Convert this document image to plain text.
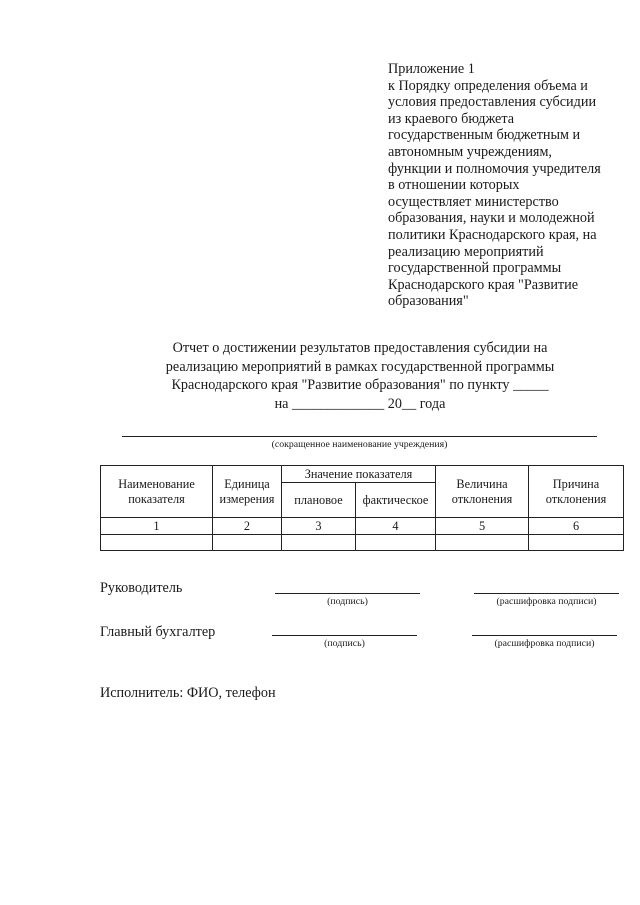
Приложение 1
к Порядку определения объема и
условия предоставления субсидии
из краевого бюджета
государственным бюджетным и
автономным учреждениям,
функции и полномочия учредителя
в отношении которых
осуществляет министерство
образования, науки и молодежной
политики Краснодарского края, на
реализацию мероприятий
государственной программы
Краснодарского края "Развитие
образования"
Отчет о достижении результатов предоставления субсидии на
реализацию мероприятий в рамках государственной программы
Краснодарского края "Развитие образования" по пункту _____
на _____________ 20__ года
(сокращенное наименование учреждения)
Наименование показателя	Единица измерения	Значение показателя		Величина отклонения	Причина отклонения
		плановое	фактическое		
1	2	3	4	5	6

Руководитель
(подпись)	(расшифровка подписи)
Главный бухгалтер
(подпись)	(расшифровка подписи)
Исполнитель: ФИО, телефон
